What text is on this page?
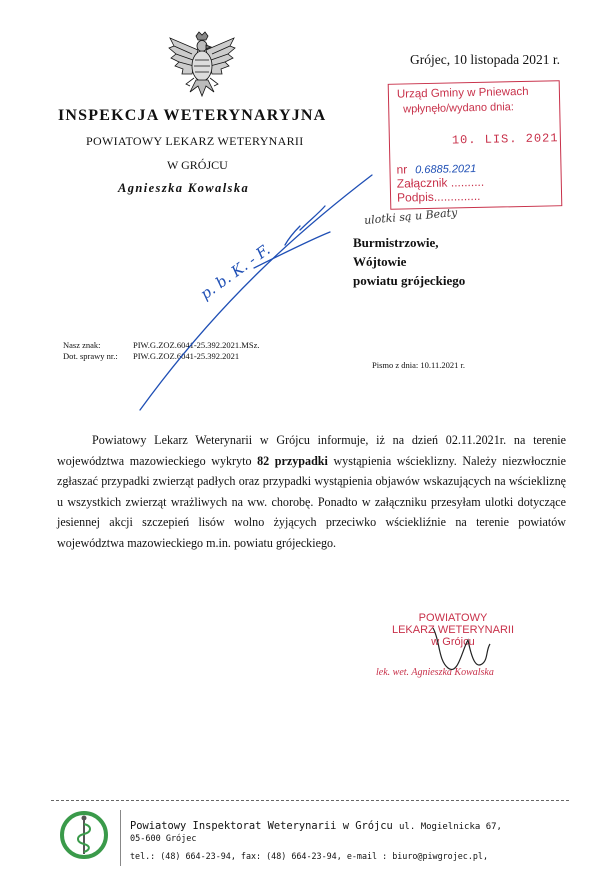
Grójec, 10 listopada 2021 r.
INSPEKCJA WETERYNARYJNA
POWIATOWY LEKARZ WETERYNARII
W GRÓJCU
Agnieszka Kowalska
Urząd Gminy w Pniewach
wpłynęło/wydano dnia:
10. LIS. 2021
nr 0.6885.2021
Załącznik ..........
Podpis..............
ulotki są u Beaty
Burmistrzowie,
Wójtowie
powiatu grójeckiego
Nasz znak:	PIW.G.ZOZ.6041-25.392.2021.MSz.
Dot. sprawy nr.: PIW.G.ZOZ.6041-25.392.2021
Pismo z dnia: 10.11.2021 r.

Powiatowy Lekarz Weterynarii w Grójcu informuje, iż na dzień 02.11.2021r. na terenie województwa mazowieckiego wykryto 82 przypadki wystąpienia wścieklizny. Należy niezwłocznie zgłaszać przypadki zwierząt padłych oraz przypadki wystąpienia objawów wskazujących na wściekliznę u wszystkich zwierząt wrażliwych na ww. chorobę. Ponadto w załączniku przesyłam ulotki dotyczące jesiennej akcji szczepień lisów wolno żyjących przeciwko wściekliźnie na terenie powiatów województwa mazowieckiego m.in. powiatu grójeckiego.

POWIATOWY
LEKARZ WETERYNARII
w Grójcu
lek. wet. Agnieszka Kowalska
p. b. K. - F.
Powiatowy Inspektorat Weterynarii w Grójcu ul. Mogielnicka 67,
05-600 Grójec
tel.: (48) 664-23-94, fax: (48) 664-23-94, e-mail : biuro@piwgrojec.pl,
